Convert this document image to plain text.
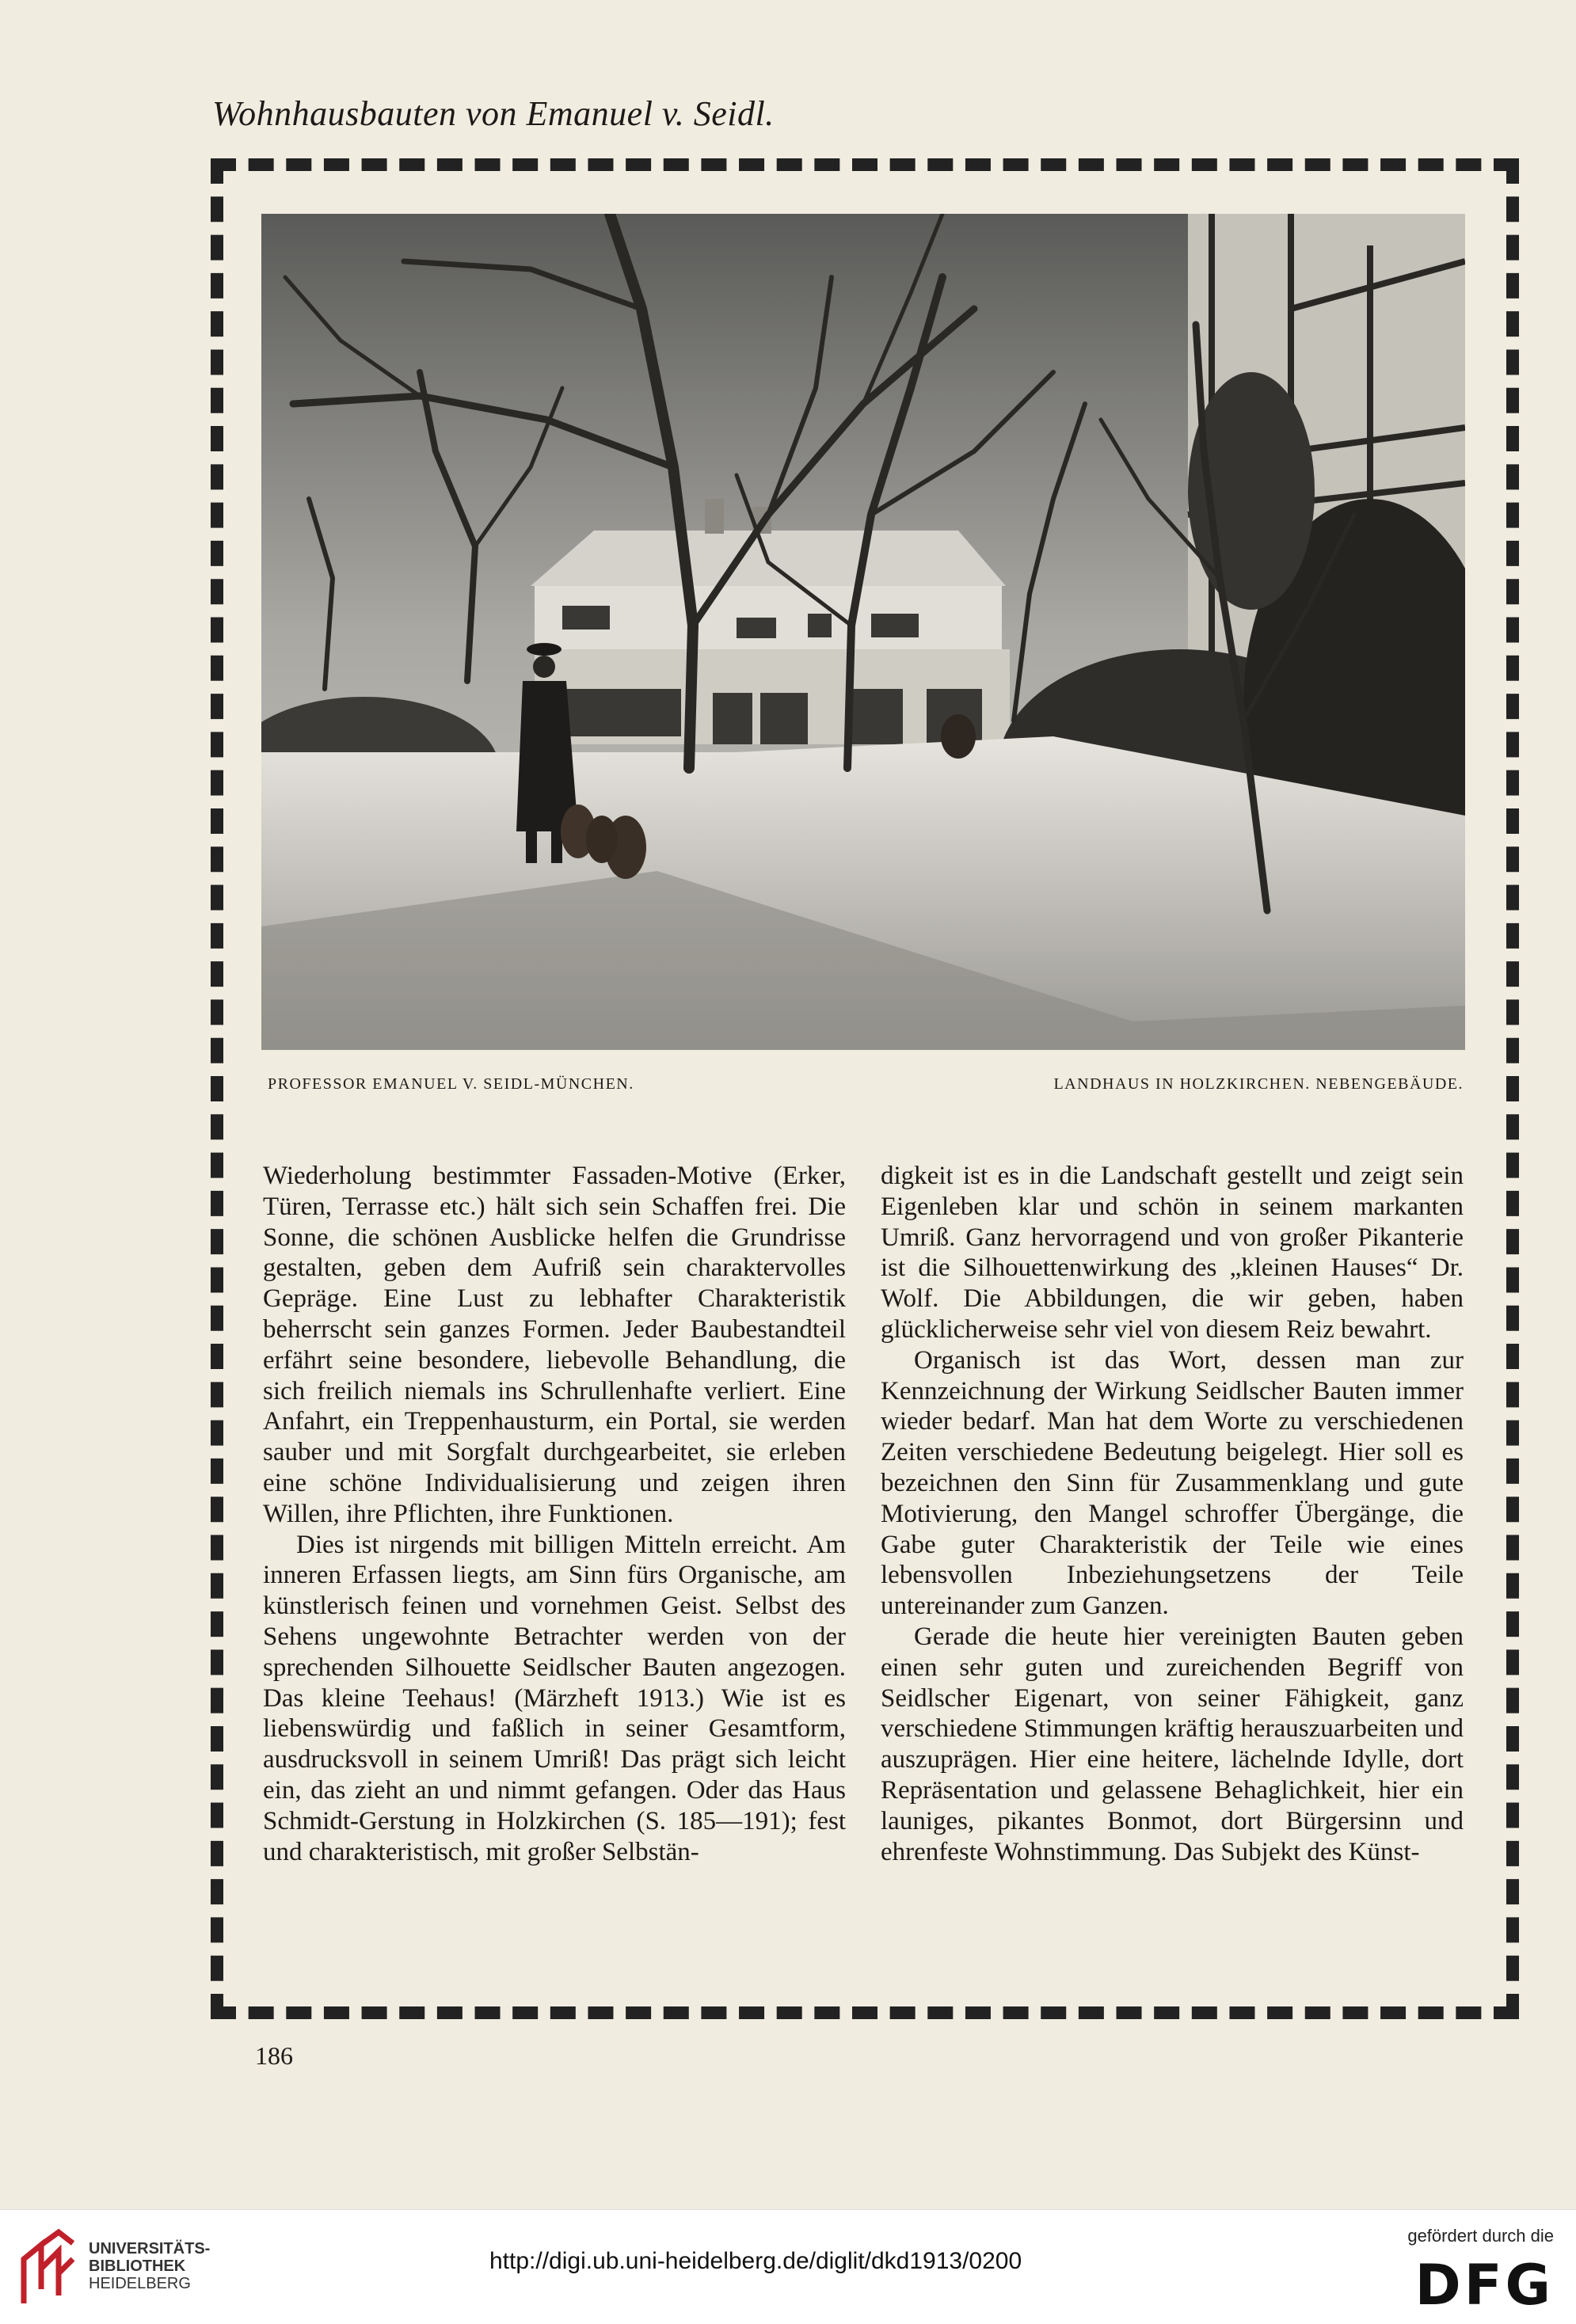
Wohnhausbauten von Emanuel v. Seidl.
PROFESSOR EMANUEL V. SEIDL-MÜNCHEN.	LANDHAUS IN HOLZKIRCHEN. NEBENGEBÄUDE.

Wiederholung bestimmter Fassaden-Motive (Erker, Türen, Terrasse etc.) hält sich sein Schaffen frei. Die Sonne, die schönen Ausblicke helfen die Grundrisse gestalten, geben dem Aufriß sein charaktervolles Gepräge. Eine Lust zu lebhafter Charakteristik beherrscht sein ganzes Formen. Jeder Baubestandteil erfährt seine besondere, liebevolle Behandlung, die sich freilich niemals ins Schrullenhafte verliert. Eine Anfahrt, ein Treppenhausturm, ein Portal, sie werden sauber und mit Sorgfalt durchgearbeitet, sie erleben eine schöne Individualisierung und zeigen ihren Willen, ihre Pflichten, ihre Funktionen.

Dies ist nirgends mit billigen Mitteln erreicht. Am inneren Erfassen liegts, am Sinn fürs Organische, am künstlerisch feinen und vornehmen Geist. Selbst des Sehens ungewohnte Betrachter werden von der sprechenden Silhouette Seidlscher Bauten angezogen. Das kleine Teehaus! (Märzheft 1913.) Wie ist es liebenswürdig und faßlich in seiner Gesamtform, ausdrucksvoll in seinem Umriß! Das prägt sich leicht ein, das zieht an und nimmt gefangen. Oder das Haus Schmidt-Gerstung in Holzkirchen (S. 185—191); fest und charakteristisch, mit großer Selbstän-

digkeit ist es in die Landschaft gestellt und zeigt sein Eigenleben klar und schön in seinem markanten Umriß. Ganz hervorragend und von großer Pikanterie ist die Silhouettenwirkung des „kleinen Hauses“ Dr. Wolf. Die Abbildungen, die wir geben, haben glücklicherweise sehr viel von diesem Reiz bewahrt.

Organisch ist das Wort, dessen man zur Kennzeichnung der Wirkung Seidlscher Bauten immer wieder bedarf. Man hat dem Worte zu verschiedenen Zeiten verschiedene Bedeutung beigelegt. Hier soll es bezeichnen den Sinn für Zusammenklang und gute Motivierung, den Mangel schroffer Übergänge, die Gabe guter Charakteristik der Teile wie eines lebensvollen Inbeziehungsetzens der Teile untereinander zum Ganzen.

Gerade die heute hier vereinigten Bauten geben einen sehr guten und zureichenden Begriff von Seidlscher Eigenart, von seiner Fähigkeit, ganz verschiedene Stimmungen kräftig herauszuarbeiten und auszuprägen. Hier eine heitere, lächelnde Idylle, dort Repräsentation und gelassene Behaglichkeit, hier ein launiges, pikantes Bonmot, dort Bürgersinn und ehrenfeste Wohnstimmung. Das Subjekt des Künst-

186
UNIVERSITÄTS-
BIBLIOTHEK
HEIDELBERG
http://digi.ub.uni-heidelberg.de/diglit/dkd1913/0200
gefördert durch die
DFG
